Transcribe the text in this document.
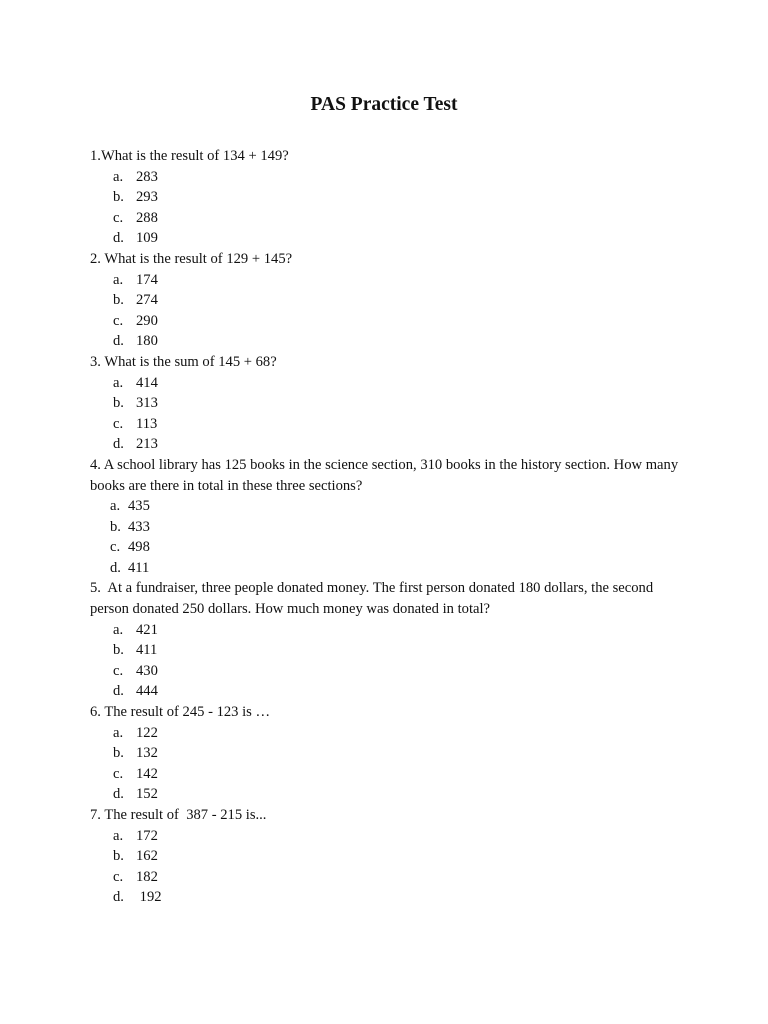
PAS Practice Test

1.What is the result of 134 + 149?

a. 283
b. 293
c. 288
d. 109

2. What is the result of 129 + 145?

a. 174
b. 274
c. 290
d. 180

3. What is the sum of 145 + 68?

a. 414
b. 313
c. 113
d. 213

4. A school library has 125 books in the science section, 310 books in the history section. How many books are there in total in these three sections?

a. 435
b. 433
c. 498
d. 411

5.  At a fundraiser, three people donated money. The first person donated 180 dollars, the second person donated 250 dollars. How much money was donated in total?

a. 421
b. 411
c. 430
d. 444

6. The result of 245 - 123 is …

a. 122
b. 132
c. 142
d. 152

7. The result of  387 - 215 is...

a. 172
b. 162
c. 182
d. 192
